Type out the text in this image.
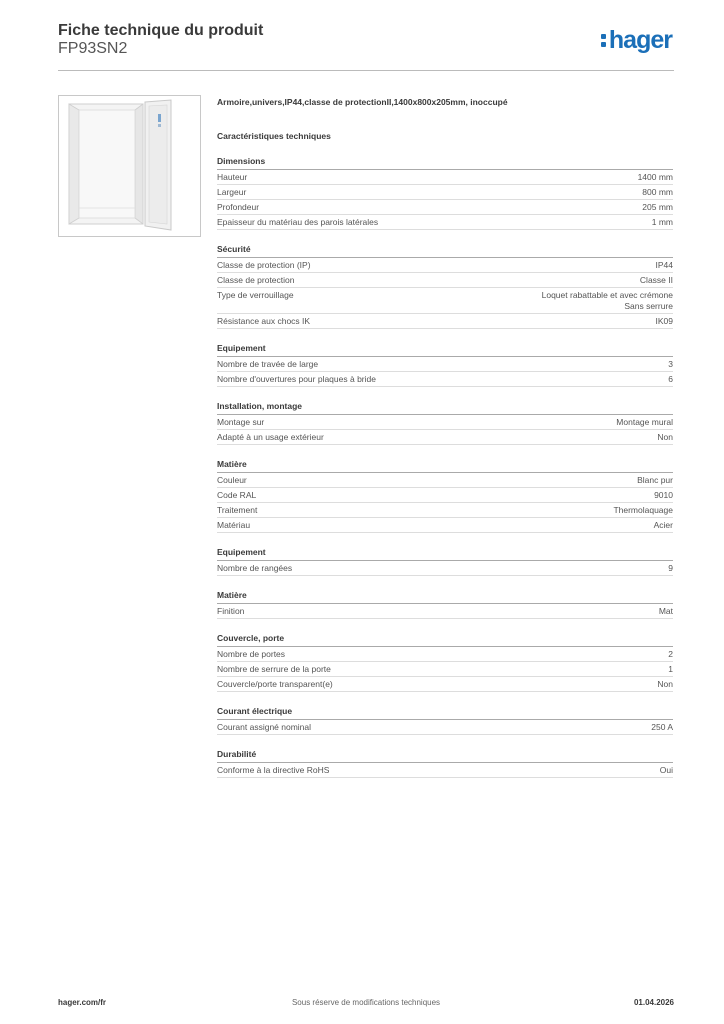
Fiche technique du produit
FP93SN2	hager
Armoire,univers,IP44,classe de protectionII,1400x800x205mm, inoccupé
Caractéristiques techniques
Dimensions
Hauteur	1400 mm
Largeur	800 mm
Profondeur	205 mm
Epaisseur du matériau des parois latérales	1 mm
Sécurité
Classe de protection (IP)	IP44
Classe de protection	Classe II
Type de verrouillage	Loquet rabattable et avec crémone
Sans serrure
Résistance aux chocs IK	IK09
Equipement
Nombre de travée de large	3
Nombre d'ouvertures pour plaques à bride	6
Installation, montage
Montage sur	Montage mural
Adapté à un usage extérieur	Non
Matière
Couleur	Blanc pur
Code RAL	9010
Traitement	Thermolaquage
Matériau	Acier
Equipement
Nombre de rangées	9
Matière
Finition	Mat
Couvercle, porte
Nombre de portes	2
Nombre de serrure de la porte	1
Couvercle/porte transparent(e)	Non
Courant électrique
Courant assigné nominal	250 A
Durabilité
Conforme à la directive RoHS	Oui
hager.com/fr	Sous réserve de modifications techniques	01.04.2026
